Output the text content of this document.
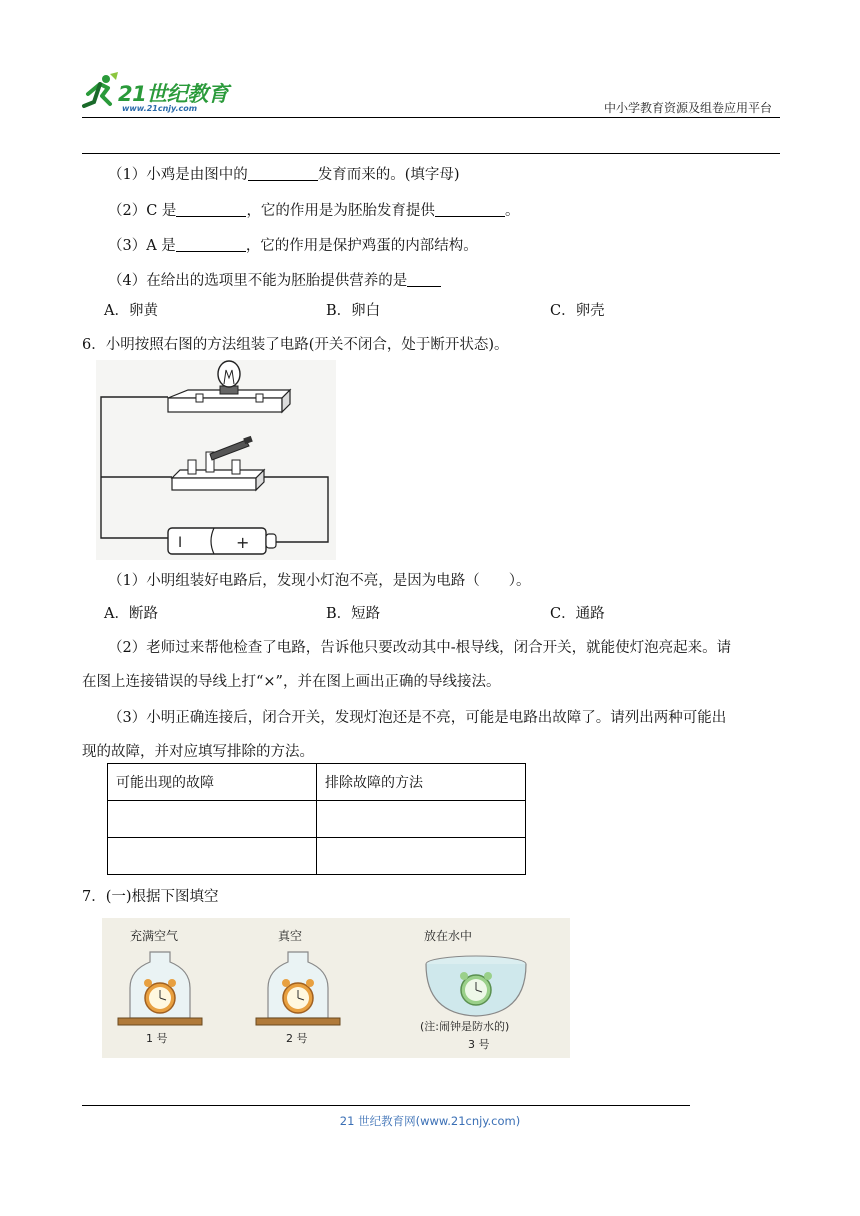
21世纪教育
www.21cnjy.com	中小学教育资源及组卷应用平台
（1）小鸡是由图中的	发育而来的。(填字母)
（2）C 是	，它的作用是为胚胎发育提供	。
（3）A 是	，它的作用是保护鸡蛋的内部结构。
（4）在给出的选项里不能为胚胎提供营养的是
A．卵黄	B．卵白	C．卵壳
6．小明按照右图的方法组装了电路(开关不闭合，处于断开状态)。
I	+
（1）小明组装好电路后，发现小灯泡不亮，是因为电路（　　）。
A．断路	B．短路	C．通路
（2）老师过来帮他检查了电路，告诉他只要改动其中-根导线，闭合开关，就能使灯泡亮起来。请
在图上连接错误的导线上打“×”，并在图上画出正确的导线接法。
（3）小明正确连接后，闭合开关，发现灯泡还是不亮，可能是电路出故障了。请列出两种可能出
现的故障，并对应填写排除的方法。
可能出现的故障	排除故障的方法

7．(一)根据下图填空
充满空气	真空	放在水中
(注:闹钟是防水的)
1 号	2 号	3 号
21 世纪教育网(www.21cnjy.com)
